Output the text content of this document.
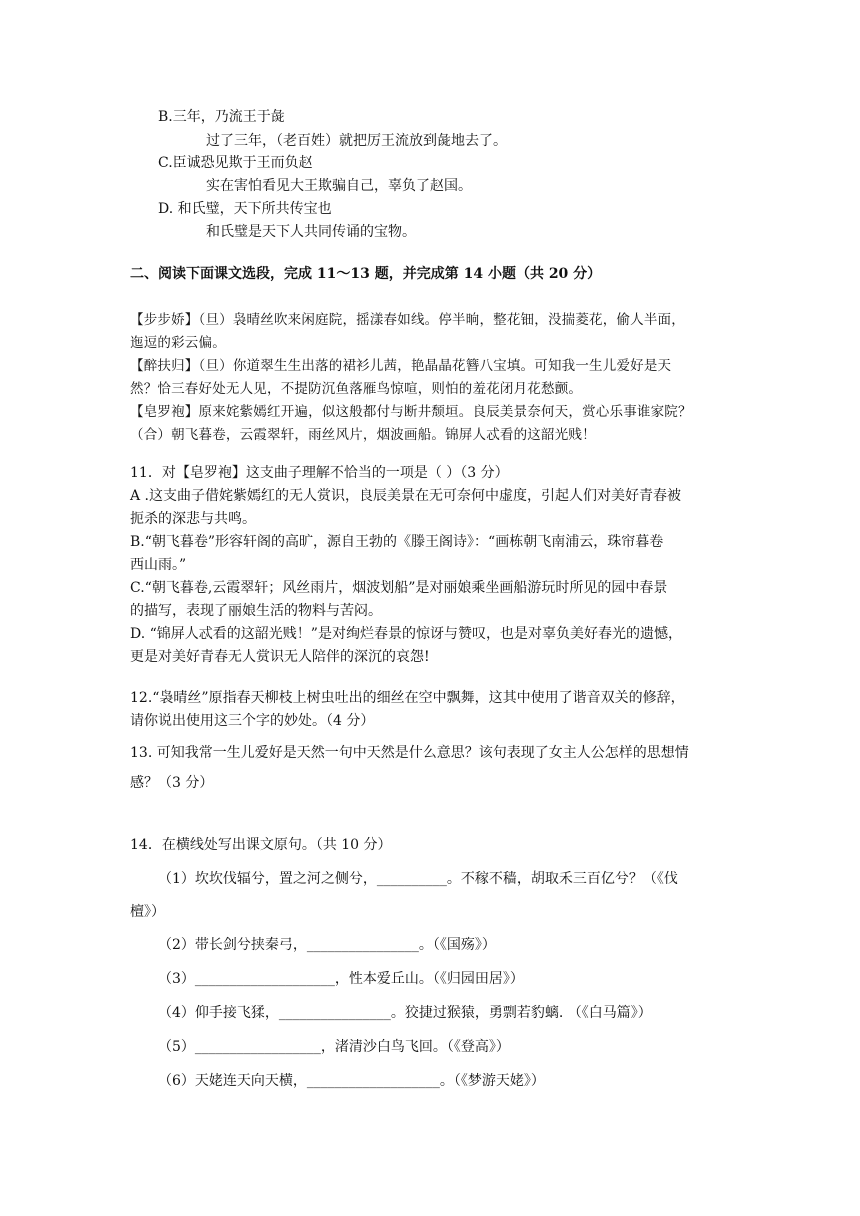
B.三年，乃流王于彘
过了三年，（老百姓）就把厉王流放到彘地去了。
C.臣诚恐见欺于王而负赵
实在害怕看见大王欺骗自己，辜负了赵国。
D. 和氏璧，天下所共传宝也
和氏璧是天下人共同传诵的宝物。
二、阅读下面课文选段，完成 11～13 题，并完成第 14 小题（共 20 分）
【步步娇】（旦）袅晴丝吹来闲庭院，摇漾春如线。停半晌，整花钿，没揣菱花，偷人半面，
迤逗的彩云偏。
【醉扶归】（旦）你道翠生生出落的裙衫儿茜，艳晶晶花簪八宝填。可知我一生儿爱好是天
然？恰三春好处无人见，不提防沉鱼落雁鸟惊喧，则怕的羞花闭月花愁颤。
【皂罗袍】原来姹紫嫣红开遍，似这般都付与断井颓垣。良辰美景奈何天，赏心乐事谁家院？
（合）朝飞暮卷，云霞翠轩，雨丝风片，烟波画船。锦屏人忒看的这韶光贱！
11．对【皂罗袍】这支曲子理解不恰当的一项是（ ）（3 分）
A .这支曲子借姹紫嫣红的无人赏识，良辰美景在无可奈何中虚度，引起人们对美好青春被
扼杀的深悲与共鸣。
B.“朝飞暮卷”形容轩阁的高旷，源自王勃的《滕王阁诗》：“画栋朝飞南浦云，珠帘暮卷
西山雨。”
C.“朝飞暮卷,云霞翠轩；风丝雨片，烟波划船”是对丽娘乘坐画船游玩时所见的园中春景
的描写，表现了丽娘生活的物料与苦闷。
D. “锦屏人忒看的这韶光贱！”是对绚烂春景的惊讶与赞叹，也是对辜负美好春光的遗憾，
更是对美好青春无人赏识无人陪伴的深沉的哀怨!
12.“袅晴丝”原指春天柳枝上树虫吐出的细丝在空中飘舞，这其中使用了谐音双关的修辞，
请你说出使用这三个字的妙处。（4 分）
13. 可知我常一生儿爱好是天然一句中天然是什么意思？该句表现了女主人公怎样的思想情
感？（3 分）
14．在横线处写出课文原句。（共 10 分）
（1）坎坎伐辐兮，置之河之侧兮，__________。不稼不穑，胡取禾三百亿兮？（《伐
檀》）
（2）带长剑兮挟秦弓，________________。（《国殇》）
（3）____________________，性本爱丘山。（《归园田居》）
（4）仰手接飞猱，________________。狡捷过猴猿，勇剽若豹螭. （《白马篇》）
（5）__________________，渚清沙白鸟飞回。（《登高》）
（6）天姥连天向天横，___________________。（《梦游天姥》）
